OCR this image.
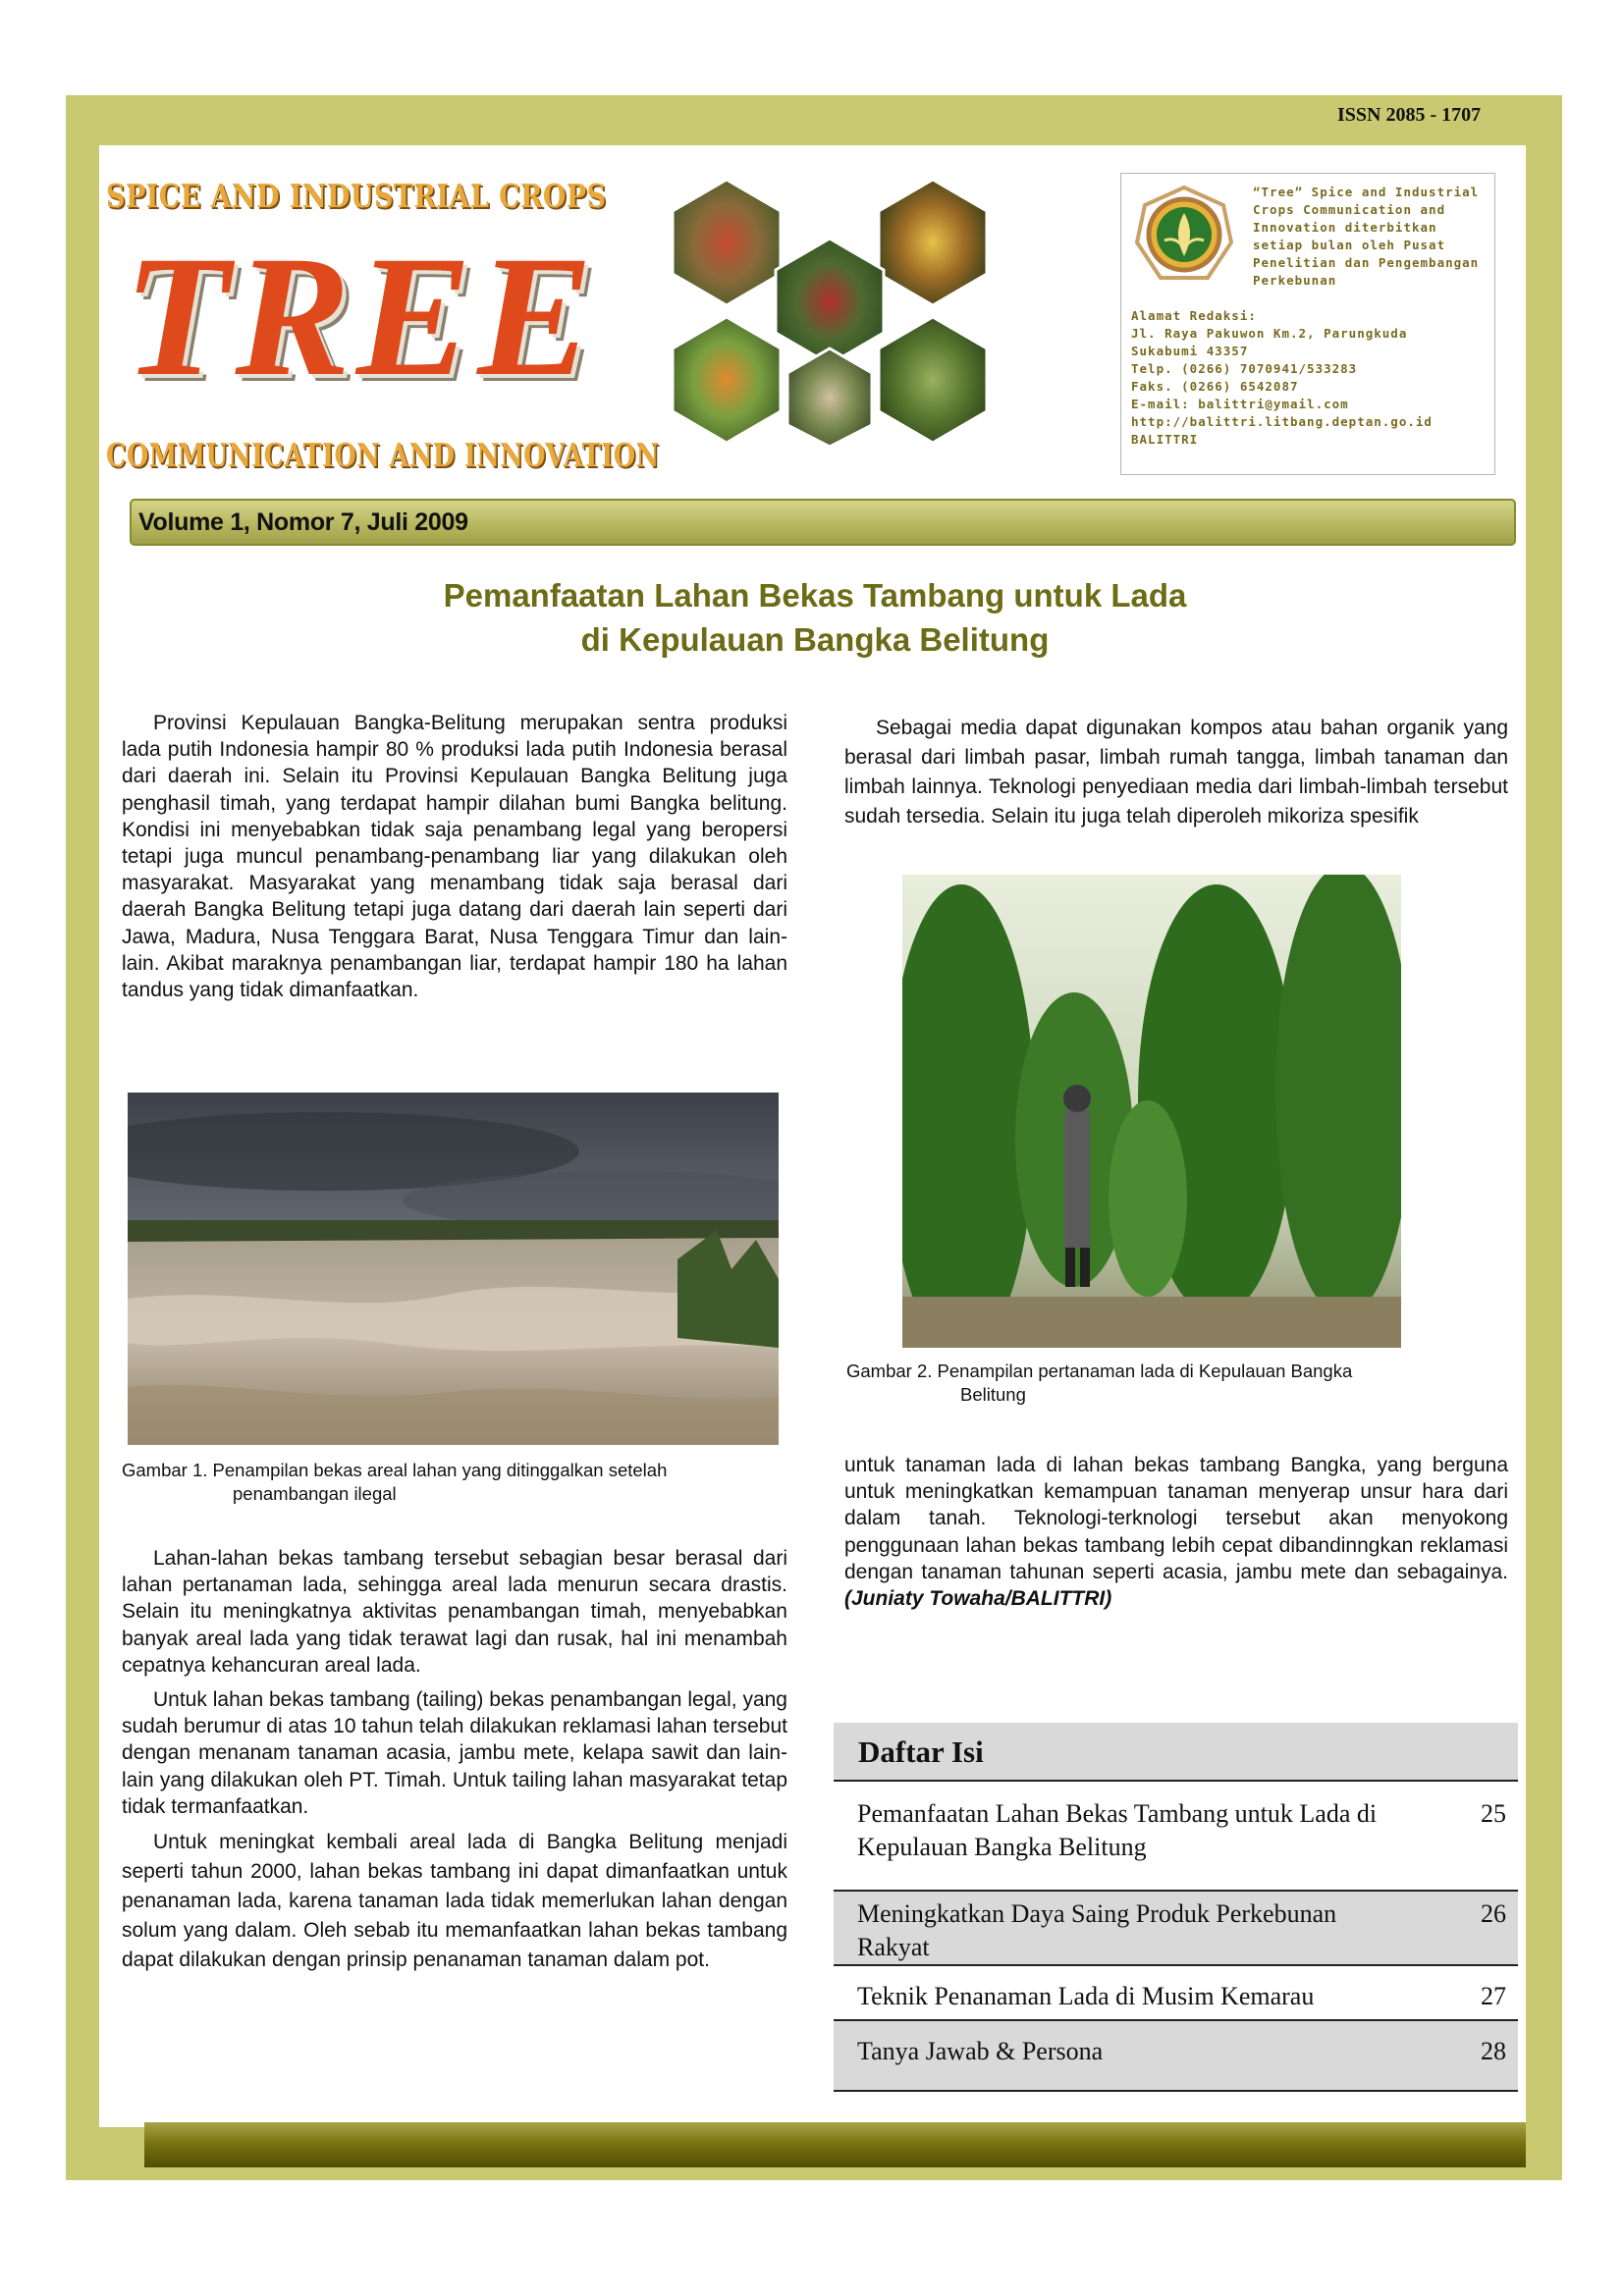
ISSN 2085 - 1707
SPICE AND INDUSTRIAL CROPS
TREE
COMMUNICATION AND INNOVATION
“Tree” Spice and Industrial Crops Communication and Innovation diterbitkan setiap bulan oleh Pusat Penelitian dan Pengembangan Perkebunan
Alamat Redaksi:
Jl. Raya Pakuwon Km.2, Parungkuda
Sukabumi 43357
Telp. (0266) 7070941/533283
Faks. (0266) 6542087
E-mail: balittri@ymail.com
http://balittri.litbang.deptan.go.id
BALITTRI
Volume 1, Nomor 7, Juli 2009
Pemanfaatan Lahan Bekas Tambang untuk Lada
di Kepulauan Bangka Belitung

Provinsi Kepulauan Bangka-Belitung merupakan sentra produksi lada putih Indonesia hampir 80 % produksi lada putih Indonesia berasal dari daerah ini. Selain itu Provinsi Kepulauan Bangka Belitung juga penghasil timah, yang terdapat hampir dilahan bumi Bangka belitung. Kondisi ini menyebabkan tidak saja penambang legal yang beropersi tetapi juga muncul penambang-penambang liar yang dilakukan oleh masyarakat. Masyarakat yang menambang tidak saja berasal dari daerah Bangka Belitung tetapi juga datang dari daerah lain seperti dari Jawa, Madura, Nusa Tenggara Barat, Nusa Tenggara Timur dan lain-lain. Akibat maraknya penambangan liar, terdapat hampir 180 ha lahan tandus yang tidak dimanfaatkan.

Gambar 1. Penampilan bekas areal lahan yang ditinggalkan setelah
penambangan ilegal

Lahan-lahan bekas tambang tersebut sebagian besar berasal dari lahan pertanaman lada, sehingga areal lada menurun secara drastis. Selain itu meningkatnya aktivitas penambangan timah, menyebabkan banyak areal lada yang tidak terawat lagi dan rusak, hal ini menambah cepatnya kehancuran areal lada.

Untuk lahan bekas tambang (tailing) bekas penambangan legal, yang sudah berumur di atas 10 tahun telah dilakukan reklamasi lahan tersebut dengan menanam tanaman acasia, jambu mete, kelapa sawit dan lain-lain yang dilakukan oleh PT. Timah. Untuk tailing lahan masyarakat tetap tidak termanfaatkan.

Untuk meningkat kembali areal lada di Bangka Belitung menjadi seperti tahun 2000, lahan bekas tambang ini dapat dimanfaatkan untuk penanaman lada, karena tanaman lada tidak memerlukan lahan dengan solum yang dalam. Oleh sebab itu memanfaatkan lahan bekas tambang dapat dilakukan dengan prinsip penanaman tanaman dalam pot.

Sebagai media dapat digunakan kompos atau bahan organik yang berasal dari limbah pasar, limbah rumah tangga, limbah tanaman dan limbah lainnya. Teknologi penyediaan media dari limbah-limbah tersebut sudah tersedia. Selain itu juga telah diperoleh mikoriza spesifik

Gambar 2. Penampilan pertanaman lada di Kepulauan Bangka
Belitung

untuk tanaman lada di lahan bekas tambang Bangka, yang berguna untuk meningkatkan kemampuan tanaman menyerap unsur hara dari dalam tanah. Teknologi-terknologi tersebut akan menyokong penggunaan lahan bekas tambang lebih cepat dibandinngkan reklamasi dengan tanaman tahunan seperti acasia, jambu mete dan sebagainya. (Juniaty Towaha/BALITTRI)

Daftar Isi
Pemanfaatan Lahan Bekas Tambang untuk Lada di Kepulauan Bangka Belitung
25
Meningkatkan Daya Saing Produk Perkebunan Rakyat
26
Teknik Penanaman Lada di Musim Kemarau	27
Tanya Jawab & Persona	28
